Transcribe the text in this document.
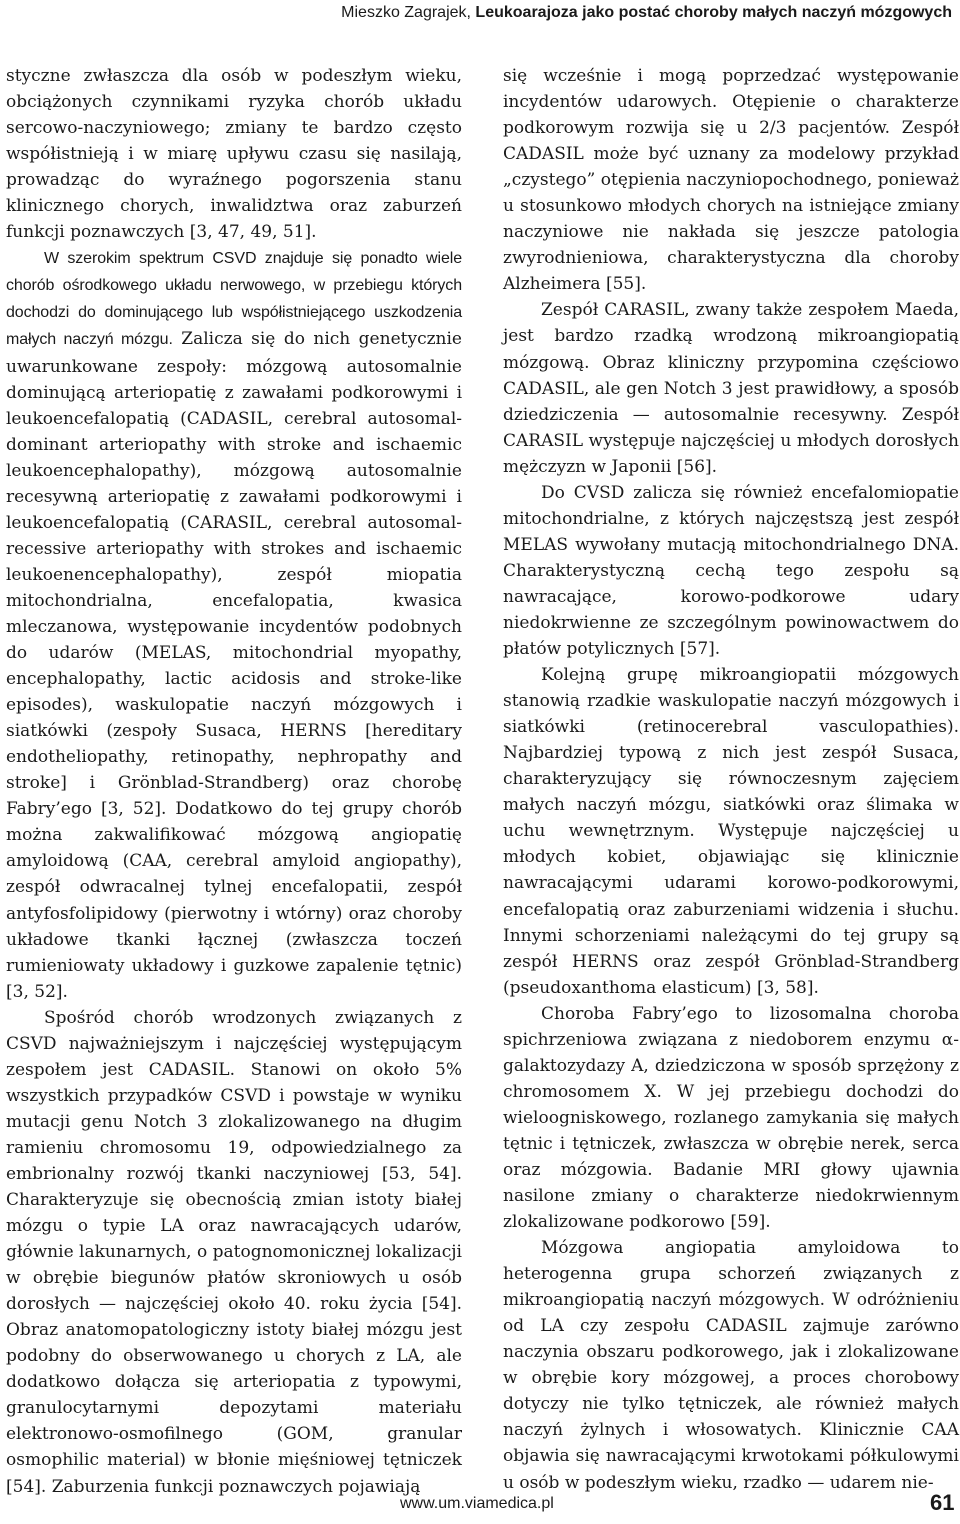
Mieszko Zagrajek, Leukoarajoza jako postać choroby małych naczyń mózgowych

styczne zwłaszcza dla osób w podeszłym wieku, obciążonych czynnikami ryzyka chorób układu sercowo-naczyniowego; zmiany te bardzo często współistnieją i w miarę upływu czasu się nasilają, prowadząc do wyraźnego pogorszenia stanu klinicznego chorych, inwalidztwa oraz zaburzeń funkcji poznawczych [3, 47, 49, 51].

W szerokim spektrum CSVD znajduje się ponadto wiele chorób ośrodkowego układu nerwowego, w przebiegu których dochodzi do dominującego lub współistniejącego uszkodzenia małych naczyń mózgu. Zalicza się do nich genetycznie uwarunkowane zespoły: mózgową autosomalnie dominującą arteriopatię z zawałami podkorowymi i leukoencefalopatią (CADASIL, cerebral autosomal-dominant arteriopathy with stroke and ischaemic leukoencephalopathy), mózgową autosomalnie recesywną arteriopatię z zawałami podkorowymi i leukoencefalopatią (CARASIL, cerebral autosomal-recessive arteriopathy with strokes and ischaemic leukoenencephalopathy), zespół miopatia mitochondrialna, encefalopatia, kwasica mleczanowa, występowanie incydentów podobnych do udarów (MELAS, mitochondrial myopathy, encephalopathy, lactic acidosis and stroke-like episodes), waskulopatie naczyń mózgowych i siatkówki (zespoły Susaca, HERNS [hereditary endotheliopathy, retinopathy, nephropathy and stroke] i Grönblad-Strandberg) oraz chorobę Fabry’ego [3, 52]. Dodatkowo do tej grupy chorób można zakwalifikować mózgową angiopatię amyloidową (CAA, cerebral amyloid angiopathy), zespół odwracalnej tylnej encefalopatii, zespół antyfosfolipidowy (pierwotny i wtórny) oraz choroby układowe tkanki łącznej (zwłaszcza toczeń rumieniowaty układowy i guzkowe zapalenie tętnic) [3, 52].

Spośród chorób wrodzonych związanych z CSVD najważniejszym i najczęściej występującym zespołem jest CADASIL. Stanowi on około 5% wszystkich przypadków CSVD i powstaje w wyniku mutacji genu Notch 3 zlokalizowanego na długim ramieniu chromosomu 19, odpowiedzialnego za embrionalny rozwój tkanki naczyniowej [53, 54]. Charakteryzuje się obecnością zmian istoty białej mózgu o typie LA oraz nawracających udarów, głównie lakunarnych, o patognomonicznej lokalizacji w obrębie biegunów płatów skroniowych u osób dorosłych — najczęściej około 40. roku życia [54]. Obraz anatomopatologiczny istoty białej mózgu jest podobny do obserwowanego u chorych z LA, ale dodatkowo dołącza się arteriopatia z typowymi, granulocytarnymi depozytami materiału elektronowo-osmofilnego (GOM, granular osmophilic material) w błonie mięśniowej tętniczek [54]. Zaburzenia funkcji poznawczych pojawiają

się wcześnie i mogą poprzedzać występowanie incydentów udarowych. Otępienie o charakterze podkorowym rozwija się u 2/3 pacjentów. Zespół CADASIL może być uznany za modelowy przykład „czystego” otępienia naczyniopochodnego, ponieważ u stosunkowo młodych chorych na istniejące zmiany naczyniowe nie nakłada się jeszcze patologia zwyrodnieniowa, charakterystyczna dla choroby Alzheimera [55].

Zespół CARASIL, zwany także zespołem Maeda, jest bardzo rzadką wrodzoną mikroangiopatią mózgową. Obraz kliniczny przypomina częściowo CADASIL, ale gen Notch 3 jest prawidłowy, a sposób dziedziczenia — autosomalnie recesywny. Zespół CARASIL występuje najczęściej u młodych dorosłych mężczyzn w Japonii [56].

Do CVSD zalicza się również encefalomiopatie mitochondrialne, z których najczęstszą jest zespół MELAS wywołany mutacją mitochondrialnego DNA. Charakterystyczną cechą tego zespołu są nawracające, korowo-podkorowe udary niedokrwienne ze szczególnym powinowactwem do płatów potylicznych [57].

Kolejną grupę mikroangiopatii mózgowych stanowią rzadkie waskulopatie naczyń mózgowych i siatkówki (retinocerebral vasculopathies). Najbardziej typową z nich jest zespół Susaca, charakteryzujący się równoczesnym zajęciem małych naczyń mózgu, siatkówki oraz ślimaka w uchu wewnętrznym. Występuje najczęściej u młodych kobiet, objawiając się klinicznie nawracającymi udarami korowo-podkorowymi, encefalopatią oraz zaburzeniami widzenia i słuchu. Innymi schorzeniami należącymi do tej grupy są zespół HERNS oraz zespół Grönblad-Strandberg (pseudoxanthoma elasticum) [3, 58].

Choroba Fabry’ego to lizosomalna choroba spichrzeniowa związana z niedoborem enzymu α-galaktozydazy A, dziedziczona w sposób sprzężony z chromosomem X. W jej przebiegu dochodzi do wieloogniskowego, rozlanego zamykania się małych tętnic i tętniczek, zwłaszcza w obrębie nerek, serca oraz mózgowia. Badanie MRI głowy ujawnia nasilone zmiany o charakterze niedokrwiennym zlokalizowane podkorowo [59].

Mózgowa angiopatia amyloidowa to heterogenna grupa schorzeń związanych z mikroangiopatią naczyń mózgowych. W odróżnieniu od LA czy zespołu CADASIL zajmuje zarówno naczynia obszaru podkorowego, jak i zlokalizowane w obrębie kory mózgowej, a proces chorobowy dotyczy nie tylko tętniczek, ale również małych naczyń żylnych i włosowatych. Klinicznie CAA objawia się nawracającymi krwotokami półkulowymi u osób w podeszłym wieku, rzadko — udarem nie-

www.um.viamedica.pl	61
